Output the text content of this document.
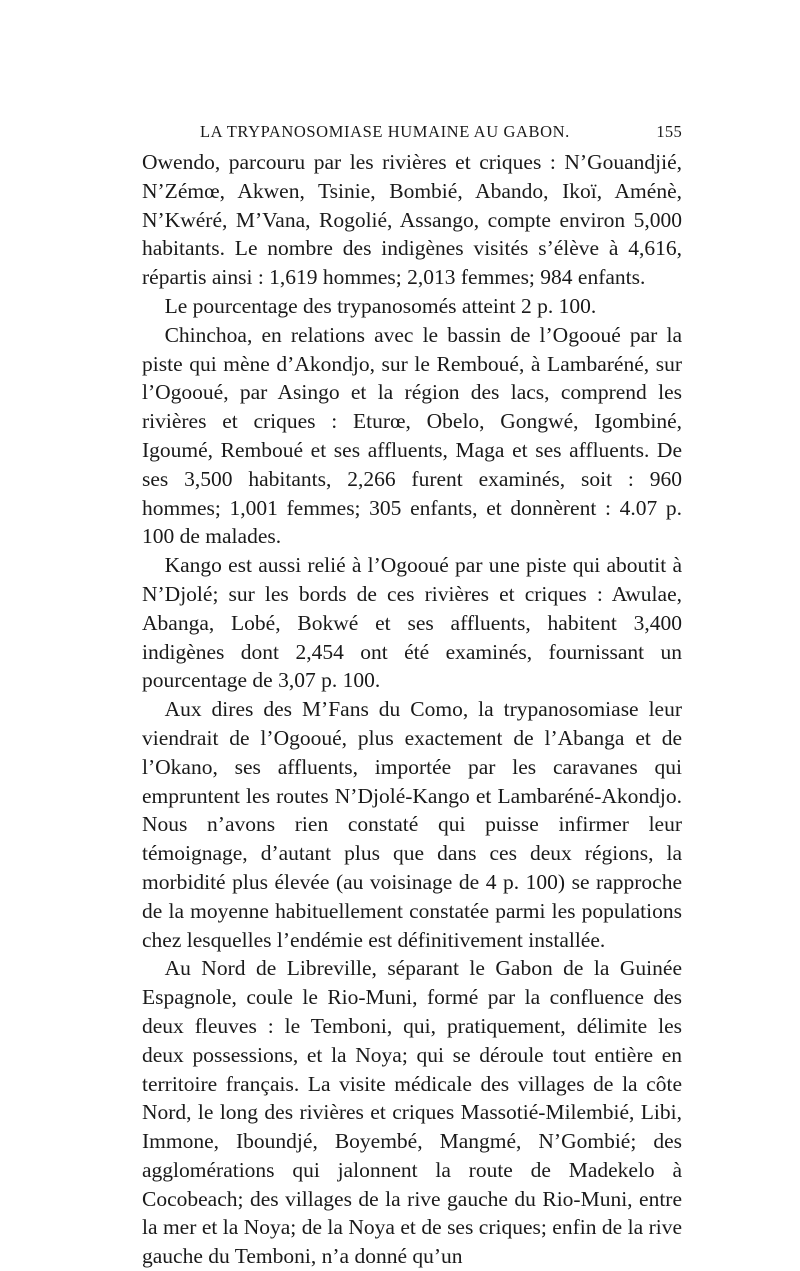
LA TRYPANOSOMIASE HUMAINE AU GABON.	155

Owendo, parcouru par les rivières et criques : N’Gouandjié, N’Zémœ, Akwen, Tsinie, Bombié, Abando, Ikoï, Aménè, N’Kwéré, M’Vana, Rogolié, Assango, compte environ 5,000 habitants. Le nombre des indigènes visités s’élève à 4,616, répartis ainsi : 1,619 hommes; 2,013 femmes; 984 enfants.

Le pourcentage des trypanosomés atteint 2 p. 100.

Chinchoa, en relations avec le bassin de l’Ogooué par la piste qui mène d’Akondjo, sur le Remboué, à Lambaréné, sur l’Ogooué, par Asingo et la région des lacs, comprend les rivières et criques : Eturœ, Obelo, Gongwé, Igombiné, Igoumé, Remboué et ses affluents, Maga et ses affluents. De ses 3,500 habitants, 2,266 furent examinés, soit : 960 hommes; 1,001 femmes; 305 enfants, et donnèrent : 4.07 p. 100 de malades.

Kango est aussi relié à l’Ogooué par une piste qui aboutit à N’Djolé; sur les bords de ces rivières et criques : Awulae, Abanga, Lobé, Bokwé et ses affluents, habitent 3,400 indigènes dont 2,454 ont été examinés, fournissant un pourcentage de 3,07 p. 100.

Aux dires des M’Fans du Como, la trypanosomiase leur viendrait de l’Ogooué, plus exactement de l’Abanga et de l’Okano, ses affluents, importée par les caravanes qui empruntent les routes N’Djolé-Kango et Lambaréné-Akondjo. Nous n’avons rien constaté qui puisse infirmer leur témoignage, d’autant plus que dans ces deux régions, la morbidité plus élevée (au voisinage de 4 p. 100) se rapproche de la moyenne habituellement constatée parmi les populations chez lesquelles l’endémie est définitivement installée.

Au Nord de Libreville, séparant le Gabon de la Guinée Espagnole, coule le Rio-Muni, formé par la confluence des deux fleuves : le Temboni, qui, pratiquement, délimite les deux possessions, et la Noya; qui se déroule tout entière en territoire français. La visite médicale des villages de la côte Nord, le long des rivières et criques Massotié-Milembié, Libi, Immone, Iboundjé, Boyembé, Mangmé, N’Gombié; des agglomérations qui jalonnent la route de Madekelo à Cocobeach; des villages de la rive gauche du Rio-Muni, entre la mer et la Noya; de la Noya et de ses criques; enfin de la rive gauche du Temboni, n’a donné qu’un
